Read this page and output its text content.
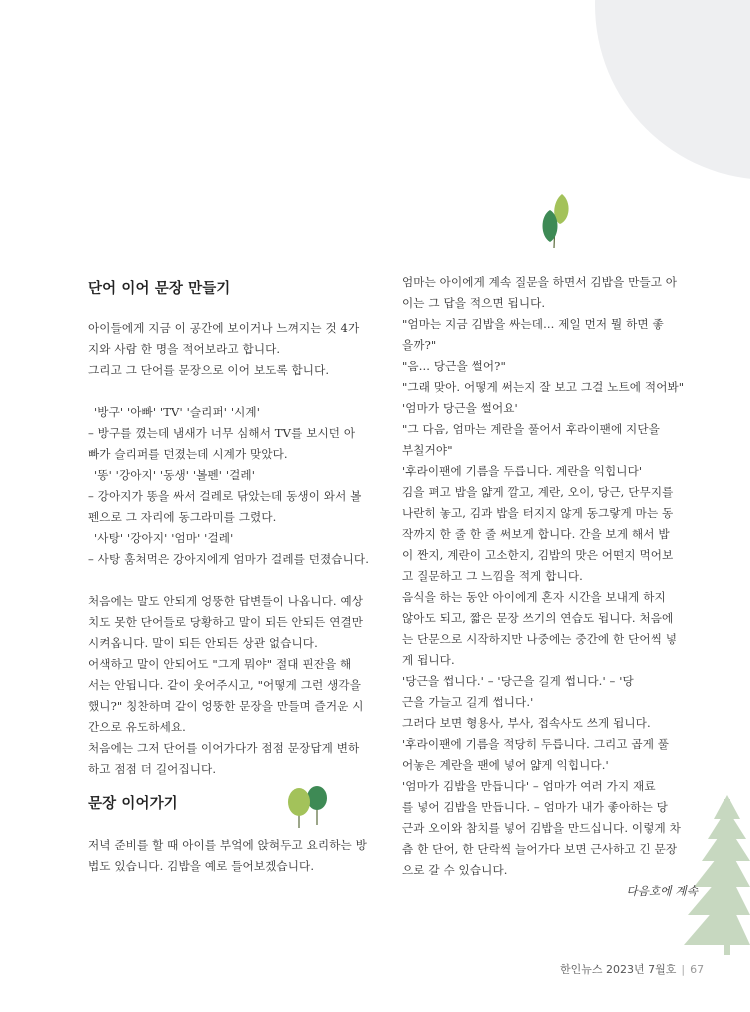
단어 이어 문장 만들기

아이들에게 지금 이 공간에 보이거나 느껴지는 것 4가

지와 사람 한 명을 적어보라고 합니다.

그리고 그 단어를 문장으로 이어 보도록 합니다.

'방구' '아빠' 'TV' '슬리퍼' '시계'

– 방구를 꼈는데 냄새가 너무 심해서 TV를 보시던 아

빠가 슬리퍼를 던졌는데 시계가 맞았다.

'똥' '강아지' '동생' '볼펜' '걸레'

– 강아지가 똥을 싸서 걸레로 닦았는데 동생이 와서 볼

펜으로 그 자리에 동그라미를 그렸다.

'사탕' '강아지' '엄마' '걸레'

– 사탕 훔쳐먹은 강아지에게 엄마가 걸레를 던졌습니다.

처음에는 말도 안되게 엉뚱한 답변들이 나옵니다. 예상

치도 못한 단어들로 당황하고 말이 되든 안되든 연결만

시켜옵니다. 말이 되든 안되든 상관 없습니다.

어색하고 말이 안되어도 "그게 뭐야" 절대 핀잔을 해

서는 안됩니다. 같이 웃어주시고, "어떻게 그런 생각을

했니?" 칭찬하며 같이 엉뚱한 문장을 만들며 즐거운 시

간으로 유도하세요.

처음에는 그저 단어를 이어가다가 점점 문장답게 변하

하고 점점 더 길어집니다.

문장 이어가기

저녁 준비를 할 때 아이를 부엌에 앉혀두고 요리하는 방

법도 있습니다. 김밥을 예로 들어보겠습니다.

엄마는 아이에게 계속 질문을 하면서 김밥을 만들고 아

이는 그 답을 적으면 됩니다.

"엄마는 지금 김밥을 싸는데... 제일 먼저 뭘 하면 좋

을까?"

"음... 당근을 썰어?"

"그래 맞아. 어떻게 써는지 잘 보고 그걸 노트에 적어봐"

'엄마가 당근을 썰어요'

"그 다음, 엄마는 계란을 풀어서 후라이팬에 지단을

부칠거야"

'후라이팬에 기름을 두릅니다. 계란을 익힙니다'

김을 펴고 밥을 얇게 깔고, 계란, 오이, 당근, 단무지를

나란히 놓고, 김과 밥을 터지지 않게 동그랗게 마는 동

작까지 한 줄 한 줄 써보게 합니다. 간을 보게 해서 밥

이 짠지, 계란이 고소한지, 김밥의 맛은 어떤지 먹어보

고 질문하고 그 느낌을 적게 합니다.

음식을 하는 동안 아이에게 혼자 시간을 보내게 하지

않아도 되고, 짧은 문장 쓰기의 연습도 됩니다. 처음에

는 단문으로 시작하지만 나중에는 중간에 한 단어씩 넣

게 됩니다.

'당근을 썹니다.' – '당근을 길게 썹니다.' – '당

근을 가늘고 길게 썹니다.'

그러다 보면 형용사, 부사, 접속사도 쓰게 됩니다.

'후라이팬에 기름을 적당히 두릅니다. 그리고 곱게 풀

어놓은 계란을 팬에 넣어 얇게 익힙니다.'

'엄마가 김밥을 만듭니다' – 엄마가 여러 가지 재료

를 넣어 김밥을 만듭니다. – 엄마가 내가 좋아하는 당

근과 오이와 참치를 넣어 김밥을 만드십니다. 이렇게 차

츰 한 단어, 한 단락씩 늘어가다 보면 근사하고 긴 문장

으로 갈 수 있습니다.

다음호에 계속

한인뉴스 2023년 7월호 | 67
